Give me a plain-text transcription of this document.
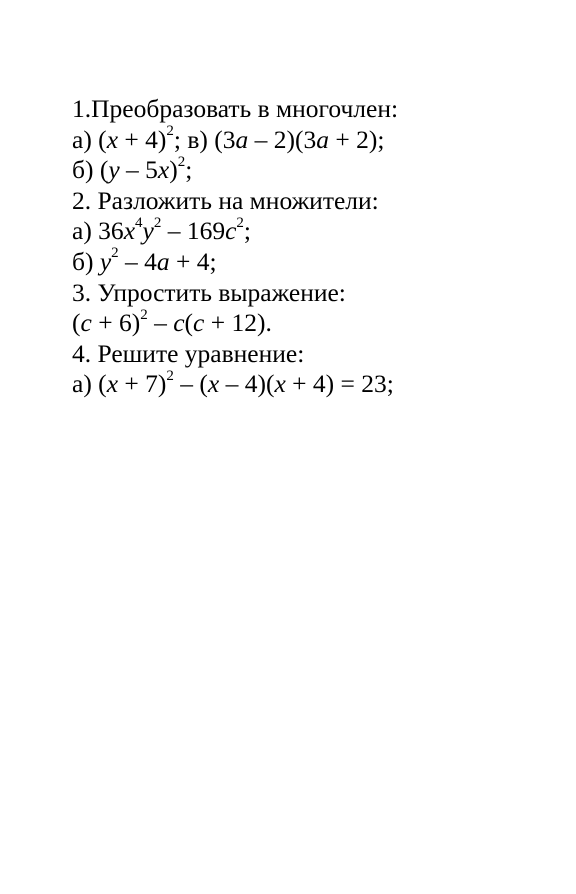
1.Преобразовать в многочлен:
а) $(x + 4)^2$; в) (3a – 2)(3a + 2);
б) (y – 5x)$^2$;
2. Разложить на множители:
а) $36x^4y^2 - 169c^2$;
б) $y^2 - 4a + 4$;
3. Упростить выражение:
$(c + 6)^2 - c(c + 12)$.
4. Решите уравнение:
а) $(x + 7)^2 - (x - 4)(x + 4) = 23$;
